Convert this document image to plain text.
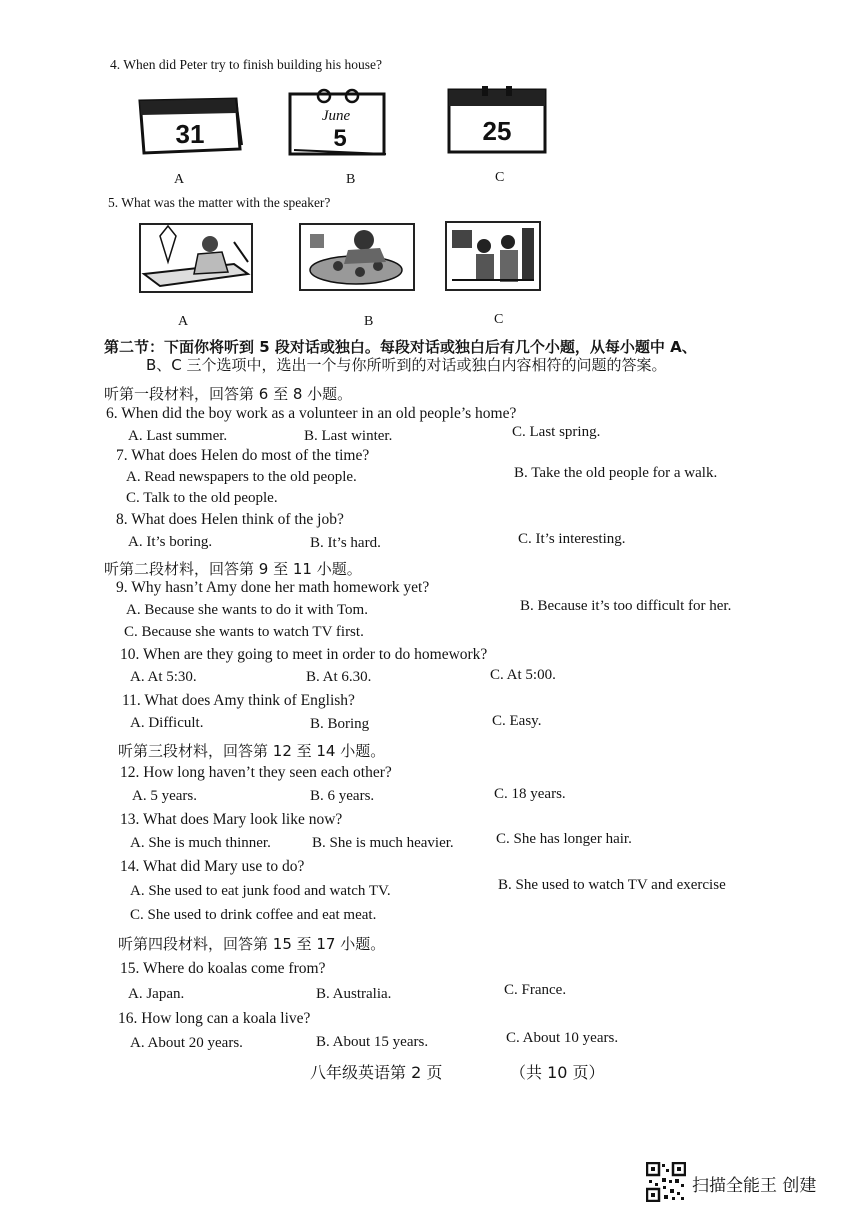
4. When did Peter try to finish building his house?
31
A
June
5
B
25
C
5. What was the matter with the speaker?
A	B	C
第二节：下面你将听到 5 段对话或独白。每段对话或独白后有几个小题，从每小题中 A、
B、C 三个选项中，选出一个与你所听到的对话或独白内容相符的问题的答案。
听第一段材料，回答第 6 至 8 小题。
6. When did the boy work as a volunteer in an old people’s home?
A. Last summer.	B. Last winter.	C. Last spring.
7. What does Helen do most of the time?
A. Read newspapers to the old people.	B. Take the old people for a walk.
C. Talk to the old people.
8. What does Helen think of the job?
A. It’s boring.	B. It’s hard.	C. It’s interesting.
听第二段材料，回答第 9 至 11 小题。
9. Why hasn’t Amy done her math homework yet?
A. Because she wants to do it with Tom.	B. Because it’s too difficult for her.
C. Because she wants to watch TV first.
10. When are they going to meet in order to do homework?
A. At 5:30.	B. At 6.30.	C. At 5:00.
11. What does Amy think of English?
A. Difficult.	B. Boring	C. Easy.
听第三段材料，回答第 12 至 14 小题。
12. How long haven’t they seen each other?
A. 5 years.	B. 6 years.	C. 18 years.
13. What does Mary look like now?
A. She is much thinner.	B. She is much heavier.	C. She has longer hair.
14. What did Mary use to do?
A. She used to eat junk food and watch TV.	B. She used to watch TV and exercise
C. She used to drink coffee and eat meat.
听第四段材料，回答第 15 至 17 小题。
15. Where do koalas come from?
A. Japan.	B. Australia.	C. France.
16. How long can a koala live?
A. About 20 years.	B. About 15 years.	C. About 10 years.
八年级英语第 2 页	（共 10 页）
扫描全能王 创建
